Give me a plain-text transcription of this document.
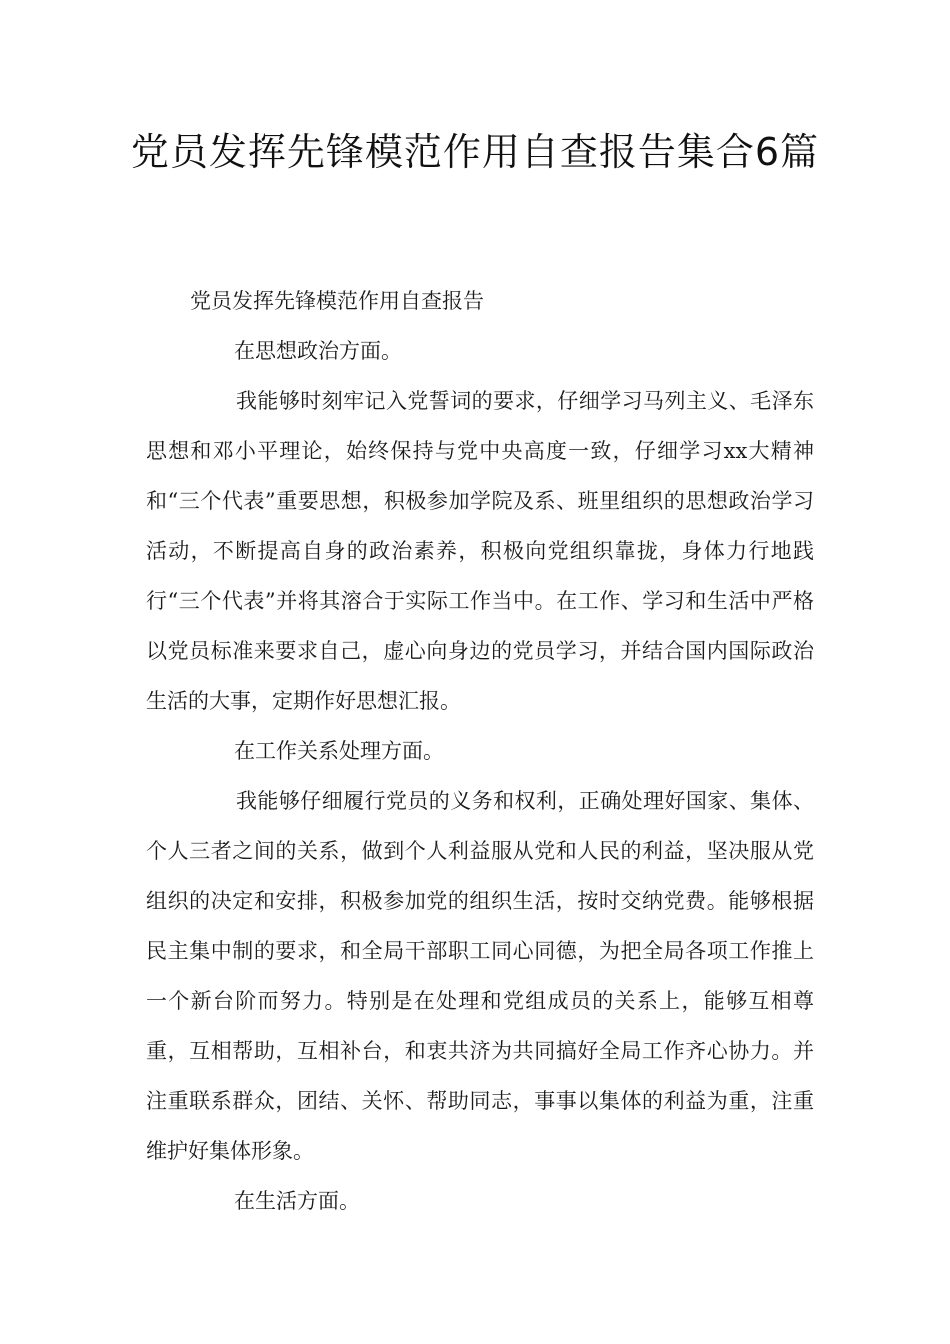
党员发挥先锋模范作用自查报告集合6篇

党员发挥先锋模范作用自查报告

在思想政治方面。

我能够时刻牢记入党誓词的要求，仔细学习马列主义、毛泽东思想和邓小平理论，始终保持与党中央高度一致，仔细学习xx大精神和“三个代表”重要思想，积极参加学院及系、班里组织的思想政治学习活动，不断提高自身的政治素养，积极向党组织靠拢，身体力行地践行“三个代表”并将其溶合于实际工作当中。在工作、学习和生活中严格以党员标准来要求自己，虚心向身边的党员学习，并结合国内国际政治生活的大事，定期作好思想汇报。

在工作关系处理方面。

我能够仔细履行党员的义务和权利，正确处理好国家、集体、个人三者之间的关系，做到个人利益服从党和人民的利益，坚决服从党组织的决定和安排，积极参加党的组织生活，按时交纳党费。能够根据民主集中制的要求，和全局干部职工同心同德，为把全局各项工作推上一个新台阶而努力。特别是在处理和党组成员的关系上，能够互相尊重，互相帮助，互相补台，和衷共济为共同搞好全局工作齐心协力。并注重联系群众，团结、关怀、帮助同志，事事以集体的利益为重，注重维护好集体形象。

在生活方面。
